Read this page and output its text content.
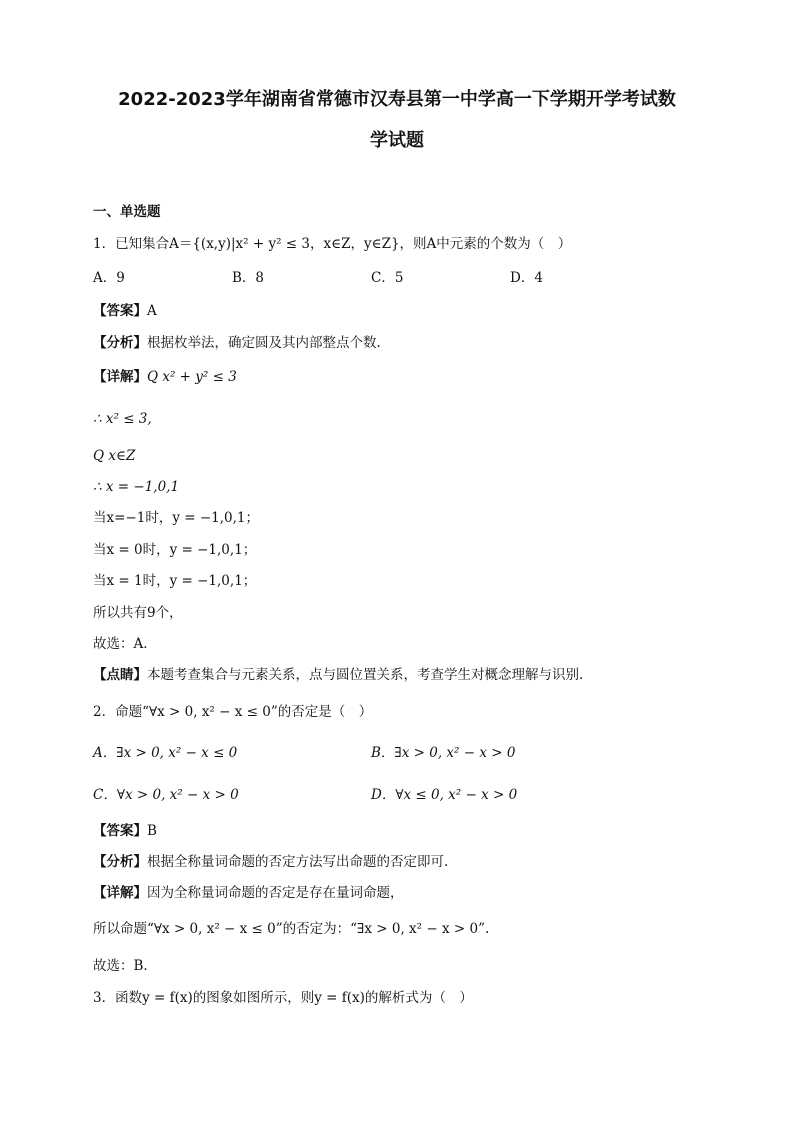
2022-2023学年湖南省常德市汉寿县第一中学高一下学期开学考试数
学试题
一、单选题
1．已知集合A＝{(x,y)|x² + y² ≤ 3，x∈Z，y∈Z}，则A中元素的个数为（　）
A．9	B．8	C．5	D．4
【答案】A
【分析】根据枚举法，确定圆及其内部整点个数.
【详解】Q x² + y² ≤ 3
∴ x² ≤ 3,
Q x∈Z
∴ x = −1,0,1
当x=−1时，y = −1,0,1；
当x = 0时，y = −1,0,1；
当x = 1时，y = −1,0,1；
所以共有9个，
故选：A.
【点睛】本题考查集合与元素关系，点与圆位置关系，考查学生对概念理解与识别.
2．命题“∀x > 0, x² − x ≤ 0”的否定是（　）
A．∃x > 0, x² − x ≤ 0	B．∃x > 0, x² − x > 0
C．∀x > 0, x² − x > 0	D．∀x ≤ 0, x² − x > 0
【答案】B
【分析】根据全称量词命题的否定方法写出命题的否定即可.
【详解】因为全称量词命题的否定是存在量词命题，
所以命题“∀x > 0, x² − x ≤ 0”的否定为：“∃x > 0, x² − x > 0”.
故选：B.
3．函数y = f(x)的图象如图所示，则y = f(x)的解析式为（　）
